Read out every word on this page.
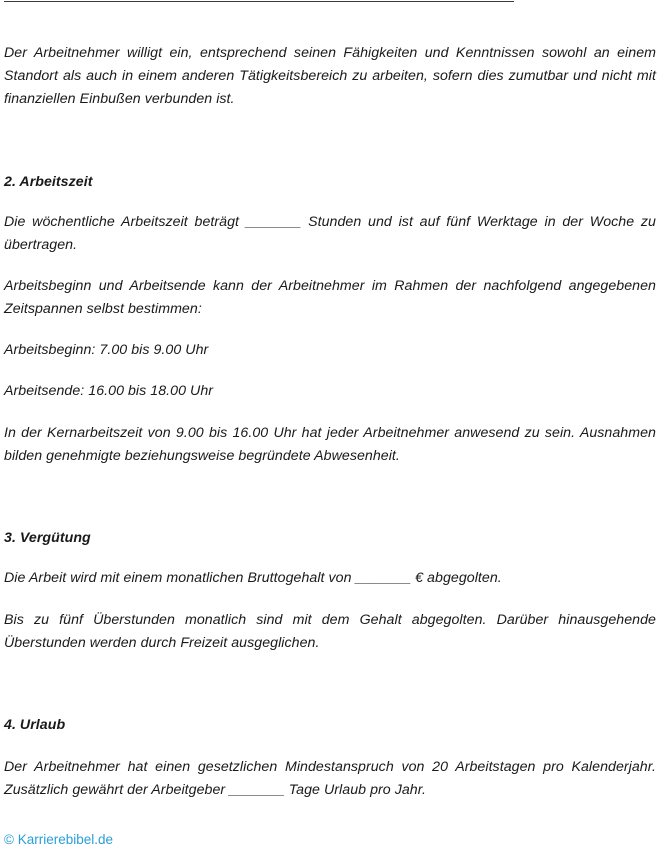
Der Arbeitnehmer willigt ein, entsprechend seinen Fähigkeiten und Kenntnissen sowohl an einem Standort als auch in einem anderen Tätigkeitsbereich zu arbeiten, sofern dies zumutbar und nicht mit finanziellen Einbußen verbunden ist.

2. Arbeitszeit

Die wöchentliche Arbeitszeit beträgt _______ Stunden und ist auf fünf Werktage in der Woche zu übertragen.

Arbeitsbeginn und Arbeitsende kann der Arbeitnehmer im Rahmen der nachfolgend angegebenen Zeitspannen selbst bestimmen:

Arbeitsbeginn: 7.00 bis 9.00 Uhr

Arbeitsende: 16.00 bis 18.00 Uhr

In der Kernarbeitszeit von 9.00 bis 16.00 Uhr hat jeder Arbeitnehmer anwesend zu sein. Ausnahmen bilden genehmigte beziehungsweise begründete Abwesenheit.

3. Vergütung

Die Arbeit wird mit einem monatlichen Bruttogehalt von _______ € abgegolten.

Bis zu fünf Überstunden monatlich sind mit dem Gehalt abgegolten. Darüber hinausgehende Überstunden werden durch Freizeit ausgeglichen.

4. Urlaub

Der Arbeitnehmer hat einen gesetzlichen Mindestanspruch von 20 Arbeitstagen pro Kalenderjahr. Zusätzlich gewährt der Arbeitgeber _______ Tage Urlaub pro Jahr.

© Karrierebibel.de
